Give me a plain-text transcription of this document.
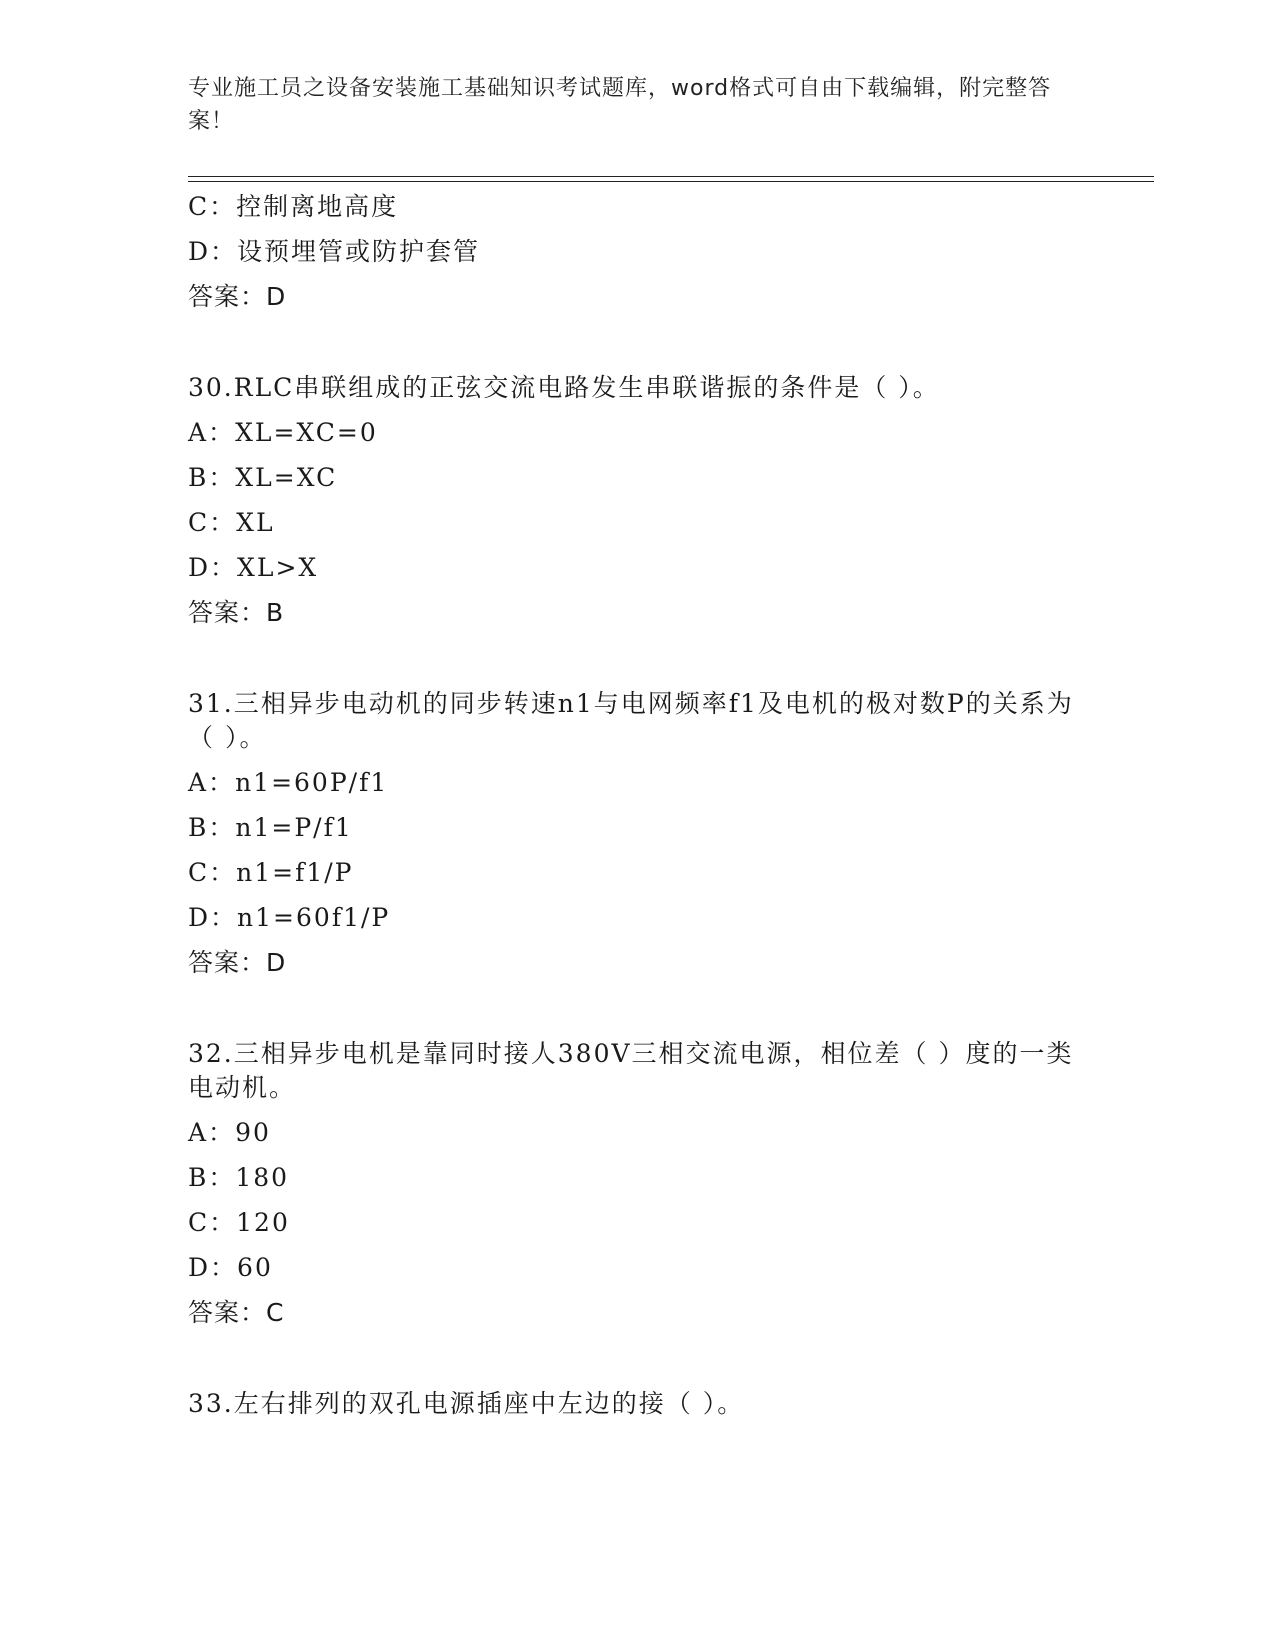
专业施工员之设备安装施工基础知识考试题库，word格式可自由下载编辑，附完整答案！
C：控制离地高度
D：设预埋管或防护套管
答案：D
30.RLC串联组成的正弦交流电路发生串联谐振的条件是（ ）。
A：XL=XC=0
B：XL=XC
C：XL
D：XL>X
答案：B
31.三相异步电动机的同步转速n1与电网频率f1及电机的极对数P的关系为（ ）。
A：n1=60P/f1
B：n1=P/f1
C：n1=f1/P
D：n1=60f1/P
答案：D
32.三相异步电机是靠同时接人380V三相交流电源，相位差（ ）度的一类电动机。
A：90
B：180
C：120
D：60
答案：C
33.左右排列的双孔电源插座中左边的接（ ）。
